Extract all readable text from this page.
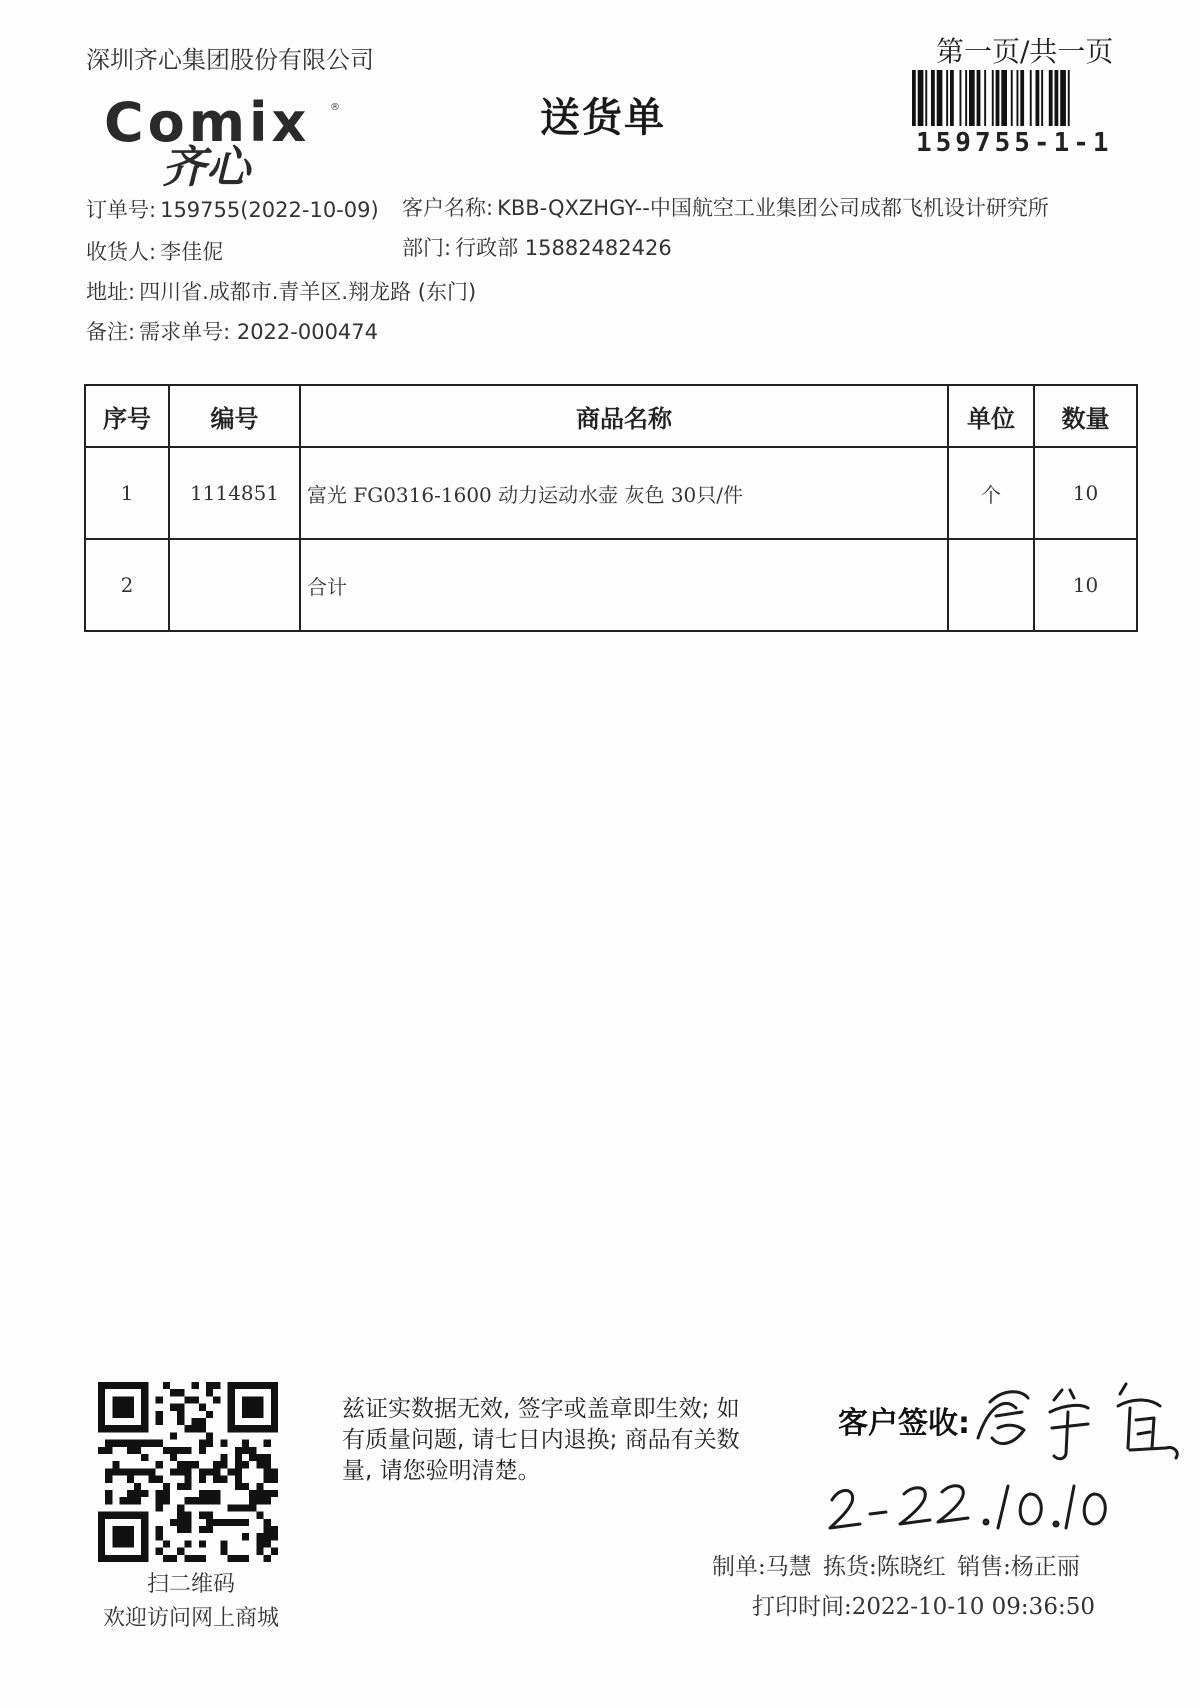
深圳齐心集团股份有限公司	第一页/共一页
Comix ®
齐心
送货单
159755-1-1
订单号: 159755(2022-10-09) 客户名称: KBB-QXZHGY--中国航空工业集团公司成都飞机设计研究所
收货人: 李佳伲	部门: 行政部 15882482426
地址: 四川省.成都市.青羊区.翔龙路 (东门)
备注: 需求单号: 2022-000474
序号	编号	商品名称	单位	数量
1	1114851	富光 FG0316-1600 动力运动水壶 灰色 30只/件	个	10
2		合计		10
扫二维码
欢迎访问网上商城
兹证实数据无效, 签字或盖章即生效; 如有质量问题, 请七日内退换; 商品有关数量, 请您验明清楚。
客户签收:
制单:马慧 拣货:陈晓红 销售:杨正丽
打印时间:2022-10-10 09:36:50
